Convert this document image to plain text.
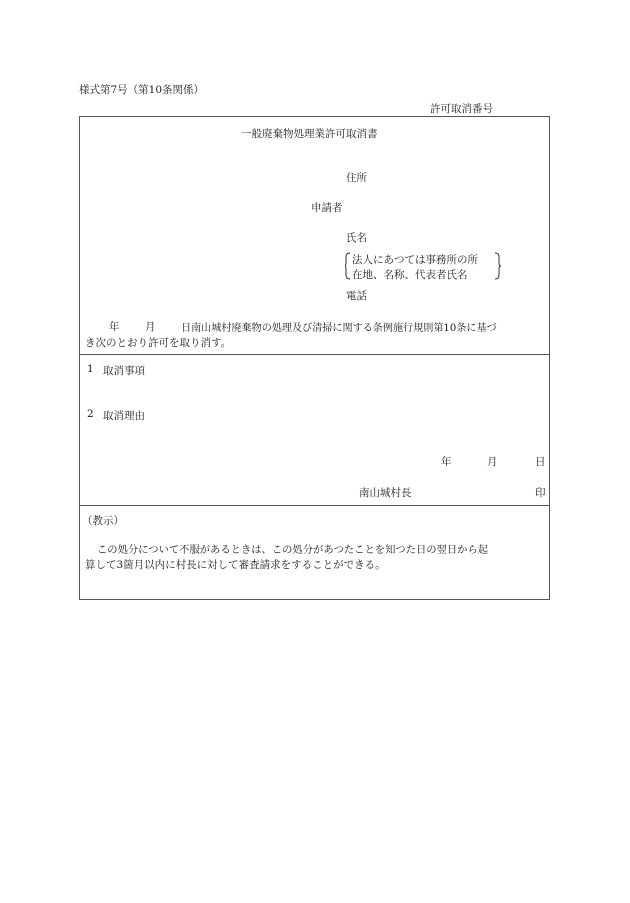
様式第7号（第10条関係）
許可取消番号
一般廃棄物処理業許可取消書
住所
申請者
氏名
法人にあつては事務所の所
在地、名称、代表者氏名
電話
年 月	日南山城村廃棄物の処理及び清掃に関する条例施行規則第10条に基づ
き次のとおり許可を取り消す。
1 取消事項
2 取消理由
年	月	日
南山城村長	印
（教示）
この処分について不服があるときは、この処分があつたことを知つた日の翌日から起
算して3箇月以内に村長に対して審査請求をすることができる。
